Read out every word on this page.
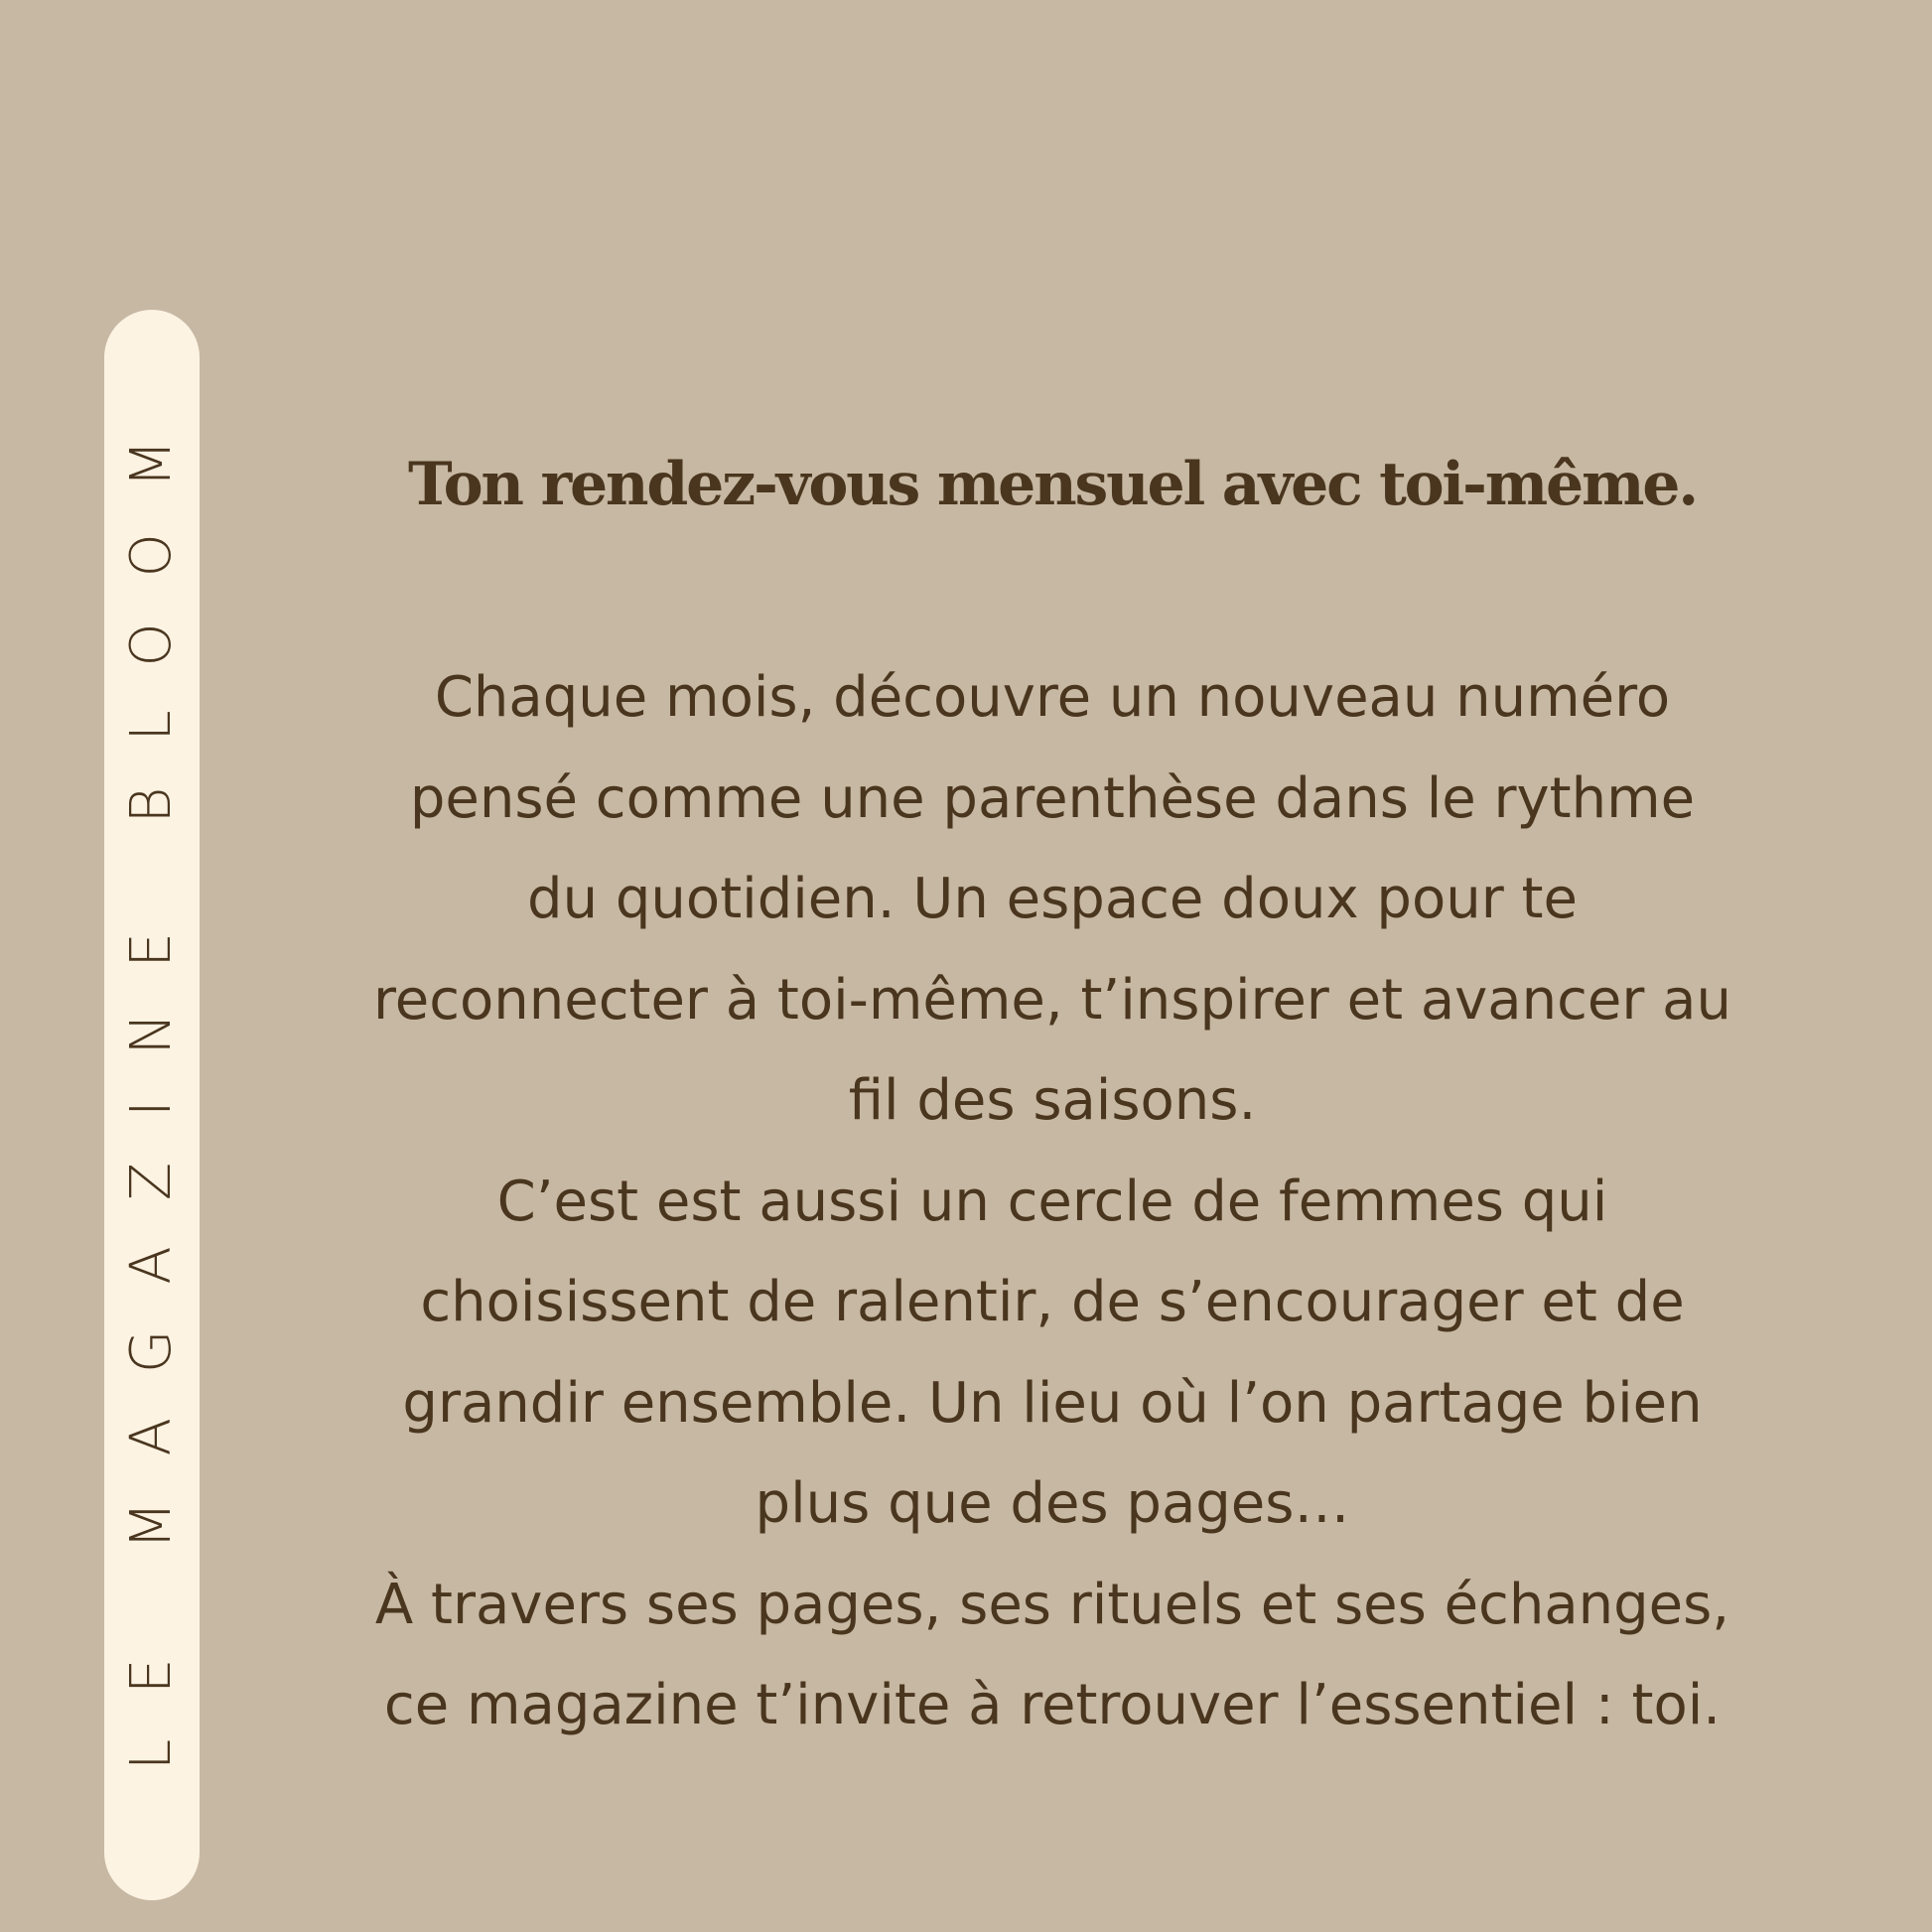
LE MAGAZINE BLOOM	Ton rendez-vous mensuel avec toi-même.
Chaque mois, découvre un nouveau numéro
pensé comme une parenthèse dans le rythme
du quotidien. Un espace doux pour te
reconnecter à toi-même, t’inspirer et avancer au
fil des saisons.
C’est est aussi un cercle de femmes qui
choisissent de ralentir, de s’encourager et de
grandir ensemble. Un lieu où l’on partage bien
plus que des pages…
À travers ses pages, ses rituels et ses échanges,
ce magazine t’invite à retrouver l’essentiel : toi.
